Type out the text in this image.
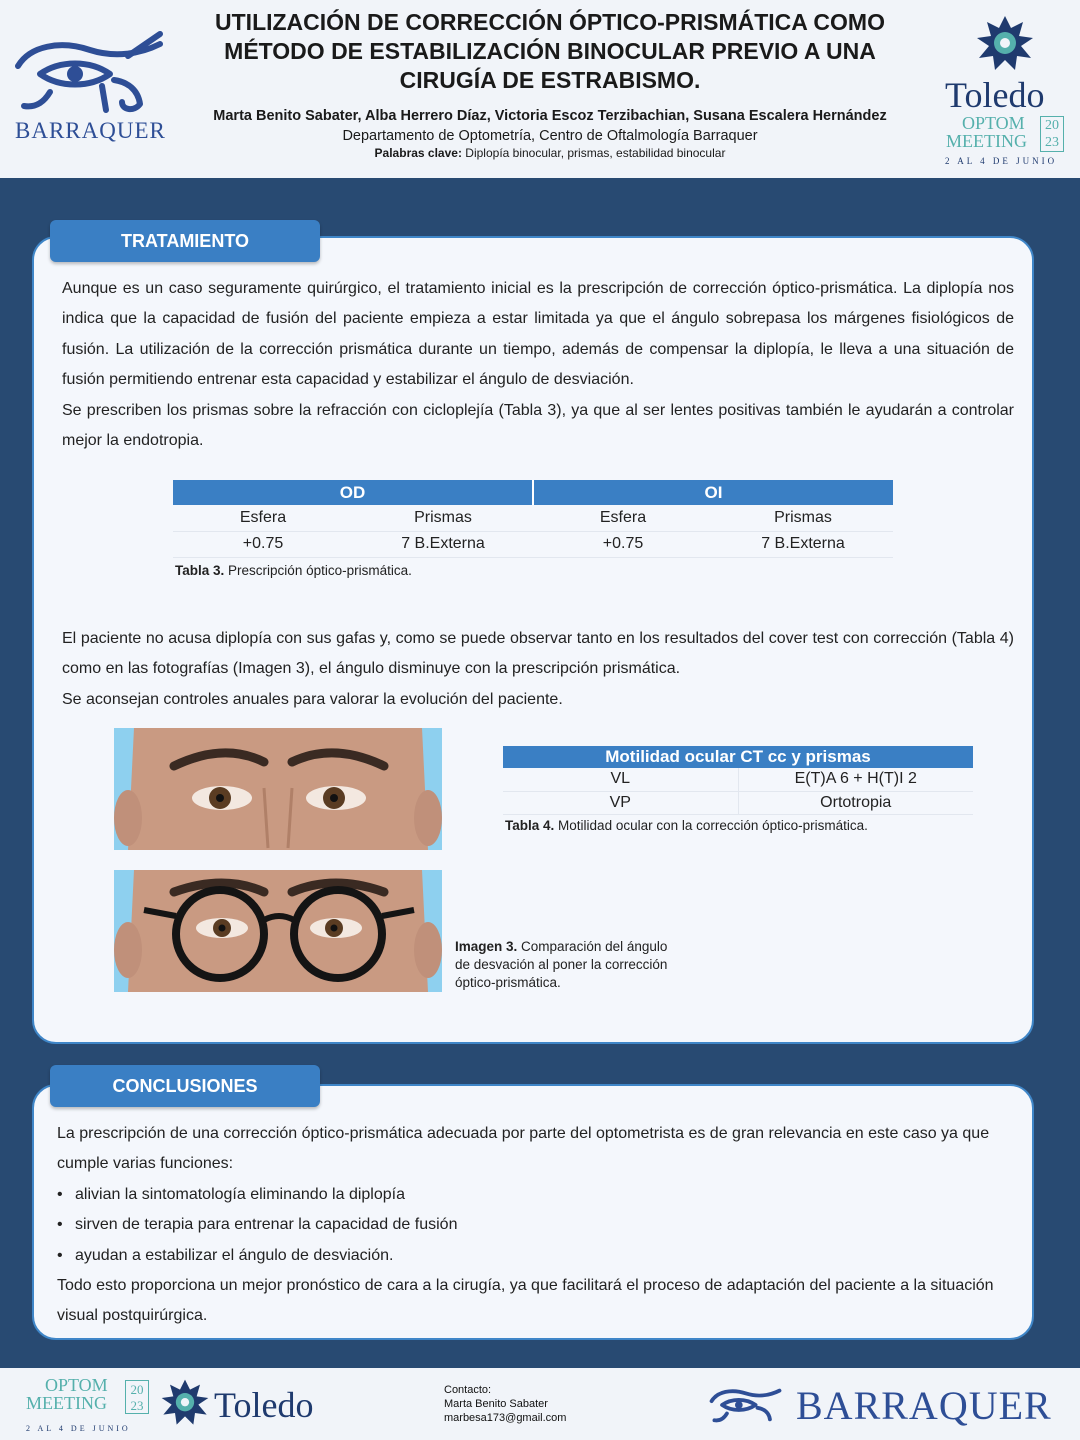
BARRAQUER
UTILIZACIÓN DE CORRECCIÓN ÓPTICO-PRISMÁTICA COMO
MÉTODO DE ESTABILIZACIÓN BINOCULAR PREVIO A UNA
CIRUGÍA DE ESTRABISMO.
Marta Benito Sabater, Alba Herrero Díaz, Victoria Escoz Terzibachian, Susana Escalera Hernández
Departamento de Optometría, Centro de Oftalmología Barraquer
Palabras clave: Diplopía binocular, prismas, estabilidad binocular
Toledo
OPTOM
MEETING
20
23
2 AL 4 DE JUNIO
TRATAMIENTO

Aunque es un caso seguramente quirúrgico, el tratamiento inicial es la prescripción de corrección óptico-prismática. La diplopía nos indica que la capacidad de fusión del paciente empieza a estar limitada ya que el ángulo sobrepasa los márgenes fisiológicos de fusión. La utilización de la corrección prismática durante un tiempo, además de compensar la diplopía, le lleva a una situación de fusión permitiendo entrenar esta capacidad y estabilizar el ángulo de desviación.

Se prescriben los prismas sobre la refracción con cicloplejía (Tabla 3), ya que al ser lentes positivas también le ayudarán a controlar mejor la endotropia.

OD		OI	
Esfera	Prismas	Esfera	Prismas
+0.75	7 B.Externa	+0.75	7 B.Externa
Tabla 3. Prescripción óptico-prismática.

El paciente no acusa diplopía con sus gafas y, como se puede observar tanto en los resultados del cover test con corrección (Tabla 4) como en las fotografías (Imagen 3), el ángulo disminuye con la prescripción prismática.

Se aconsejan controles anuales para valorar la evolución del paciente.

Motilidad ocular CT cc y prismas	
VL	E(T)A 6 + H(T)I 2
VP	Ortotropia
Tabla 4. Motilidad ocular con la corrección óptico-prismática.
Imagen 3. Comparación del ángulo
de desvación al poner la corrección
óptico-prismática.
CONCLUSIONES

La prescripción de una corrección óptico-prismática adecuada por parte del optometrista es de gran relevancia en este caso ya que cumple varias funciones:

• alivian la sintomatología eliminando la diplopía
• sirven de terapia para entrenar la capacidad de fusión
• ayudan a estabilizar el ángulo de desviación.

Todo esto proporciona un mejor pronóstico de cara a la cirugía, ya que facilitará el proceso de adaptación del paciente a la situación visual postquirúrgica.

OPTOM
MEETING
20
23
2 AL 4 DE JUNIO
Toledo	BARRAQUER
Contacto:
Marta Benito Sabater
marbesa173@gmail.com
